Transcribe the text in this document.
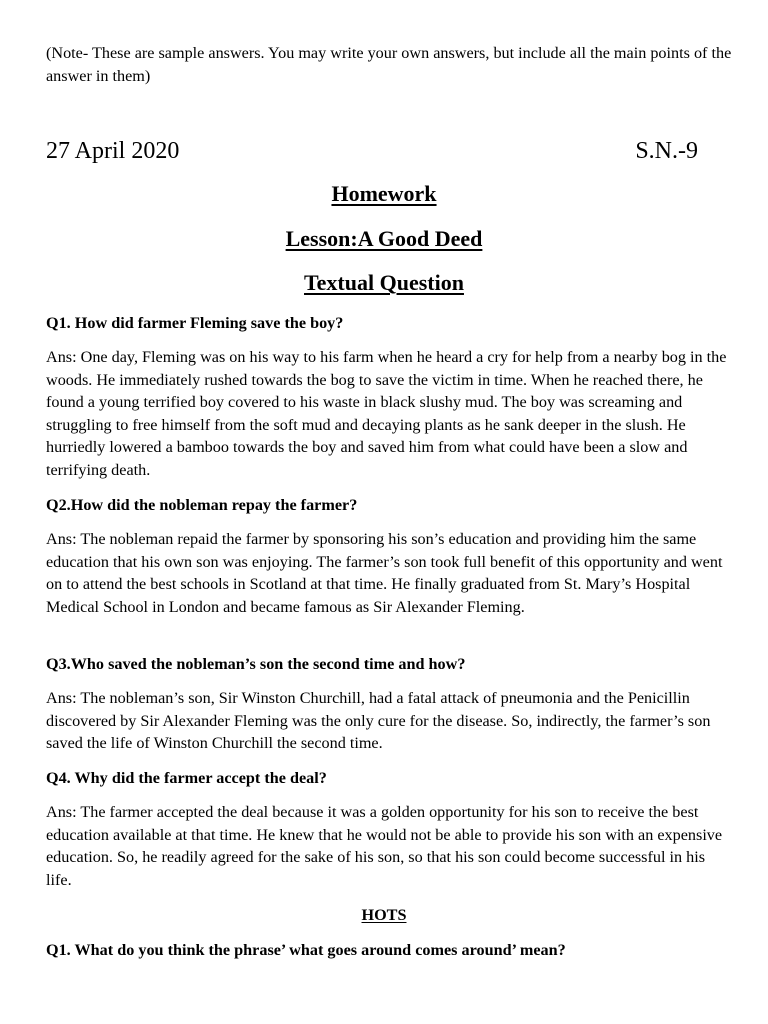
(Note- These are sample answers. You may write your own answers, but include all the main points of the answer in them)
27 April 2020	S.N.-9
Homework
Lesson:A Good Deed
Textual Question
Q1. How did farmer Fleming save the boy?
Ans: One day, Fleming was on his way to his farm when he heard a cry for help from a nearby bog in the woods. He immediately rushed towards the bog to save the victim in time. When he reached there, he found a young terrified boy covered to his waste in black slushy mud. The boy was screaming and struggling to free himself from the soft mud and decaying plants as he sank deeper in the slush. He hurriedly lowered a bamboo towards the boy and saved him from what could have been a slow and terrifying death.
Q2.How did the nobleman repay the farmer?
Ans: The nobleman repaid the farmer by sponsoring his son’s education and providing him the same education that his own son was enjoying. The farmer’s son took full benefit of this opportunity and went on to attend the best schools in Scotland at that time. He finally graduated from St. Mary’s Hospital Medical School in London and became famous as Sir Alexander Fleming.
Q3.Who saved the nobleman’s son the second time and how?
Ans: The nobleman’s son, Sir Winston Churchill, had a fatal attack of pneumonia and the Penicillin discovered by Sir Alexander Fleming was the only cure for the disease. So, indirectly, the farmer’s son saved the life of Winston Churchill the second time.
Q4. Why did the farmer accept the deal?
Ans: The farmer accepted the deal because it was a golden opportunity for his son to receive the best education available at that time. He knew that he would not be able to provide his son with an expensive education. So, he readily agreed for the sake of his son, so that his son could become successful in his life.
HOTS
Q1. What do you think the phrase’ what goes around comes around’ mean?
